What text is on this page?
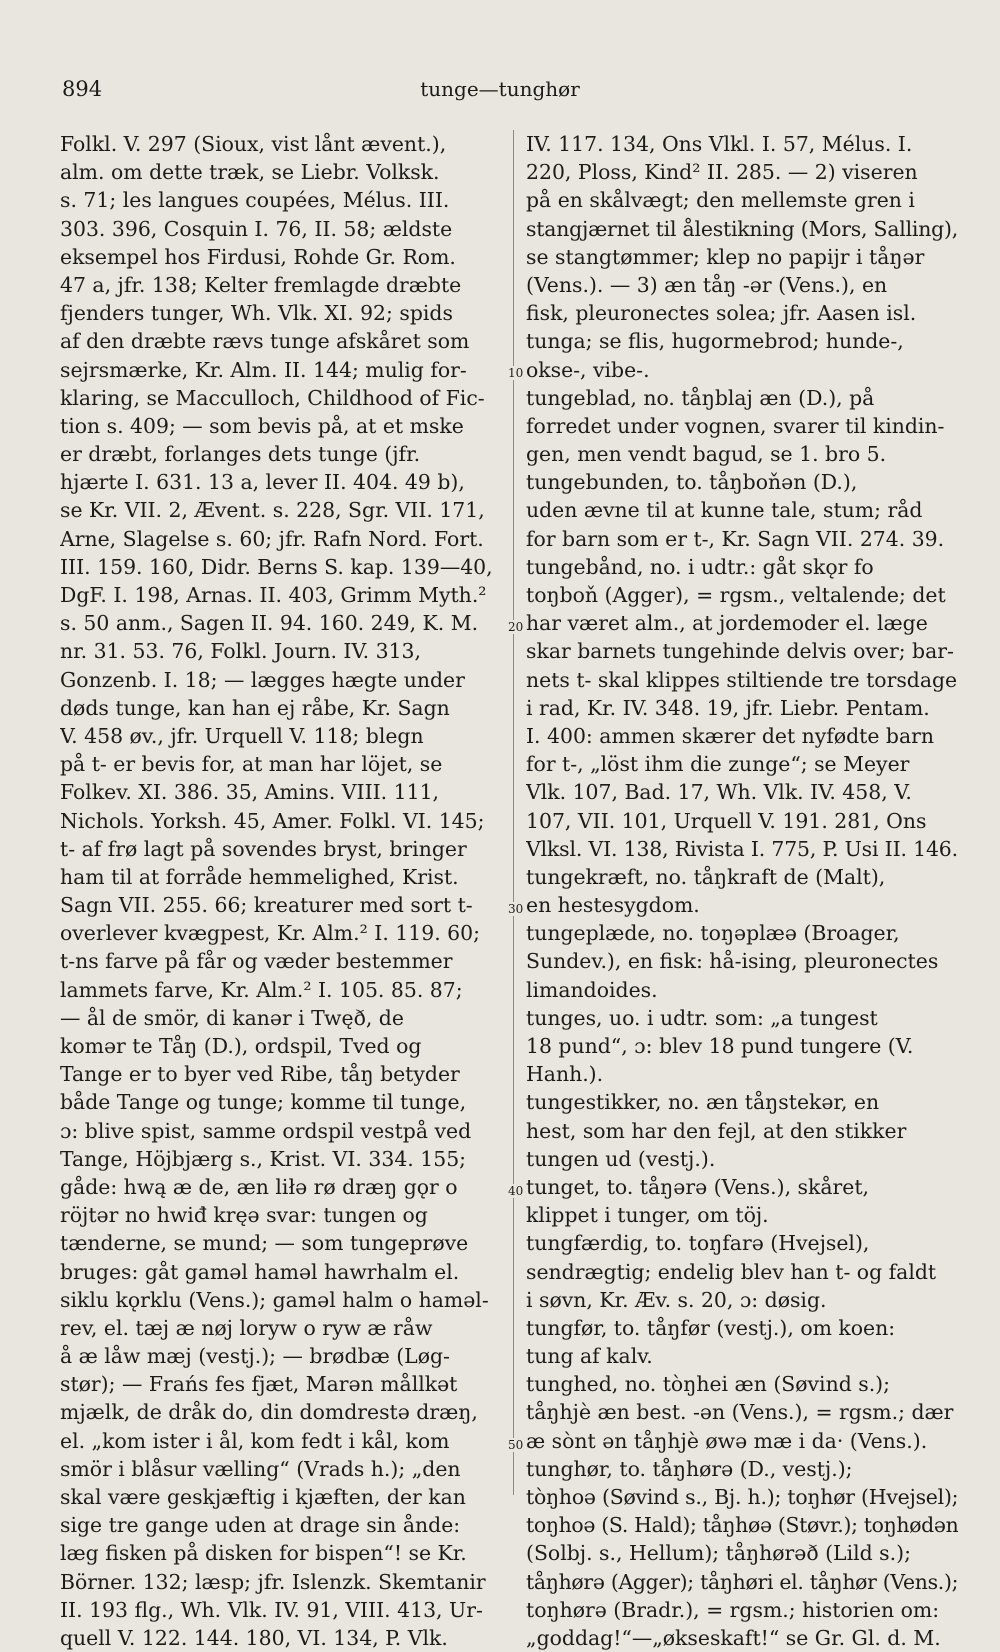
894	tunge—tunghør
10
20
30
40
50
Folkl. V. 297 (Sioux, vist lånt ævent.),
alm. om dette træk, se Liebr. Volksk.
s. 71; les langues coupées, Mélus. III.
303. 396, Cosquin I. 76, II. 58; ældste
eksempel hos Firdusi, Rohde Gr. Rom.
47 a, jfr. 138; Kelter fremlagde dræbte
fjenders tunger, Wh. Vlk. XI. 92; spids
af den dræbte rævs tunge afskåret som
sejrsmærke, Kr. Alm. II. 144; mulig for-
klaring, se Macculloch, Childhood of Fic-
tion s. 409; — som bevis på, at et mske
er dræbt, forlanges dets tunge (jfr.
hjærte I. 631. 13 a, lever II. 404. 49 b),
se Kr. VII. 2, Ævent. s. 228, Sgr. VII. 171,
Arne, Slagelse s. 60; jfr. Rafn Nord. Fort.
III. 159. 160, Didr. Berns S. kap. 139—40,
DgF. I. 198, Arnas. II. 403, Grimm Myth.²
s. 50 anm., Sagen II. 94. 160. 249, K. M.
nr. 31. 53. 76, Folkl. Journ. IV. 313,
Gonzenb. I. 18; — lægges hægte under
døds tunge, kan han ej råbe, Kr. Sagn
V. 458 øv., jfr. Urquell V. 118; blegn
på t- er bevis for, at man har löjet, se
Folkev. XI. 386. 35, Amins. VIII. 111,
Nichols. Yorksh. 45, Amer. Folkl. VI. 145;
t- af frø lagt på sovendes bryst, bringer
ham til at forråde hemmelighed, Krist.
Sagn VII. 255. 66; kreaturer med sort t-
overlever kvægpest, Kr. Alm.² I. 119. 60;
t-ns farve på får og væder bestemmer
lammets farve, Kr. Alm.² I. 105. 85. 87;
— ål de smör, di kanər i Twęð, de
komər te Tåŋ (D.), ordspil, Tved og
Tange er to byer ved Ribe, tåŋ betyder
både Tange og tunge; komme til tunge,
ɔ: blive spist, samme ordspil vestpå ved
Tange, Höjbjærg s., Krist. VI. 334. 155;
gåde: hwą æ de, æn liłə rø dræŋ gǫr o
röjtər no hwiđ kręǝ svar: tungen og
tænderne, se mund; — som tungeprøve
bruges: gåt gaməl haməl hawrhalm el.
siklu kǫrklu (Vens.); gaməl halm o haməl-
rev, el. tæj æ nøj loryw o ryw æ råw
å æ låw mæj (vestj.); — brødbæ (Løg-
stør); — Frańs fes fjæt, Marən mållkət
mjælk, de dråk do, din domdrestə dræŋ,
el. „kom ister i ål, kom fedt i kål, kom
smör i blåsur vælling“ (Vrads h.); „den
skal være geskjæftig i kjæften, der kan
sige tre gange uden at drage sin ånde:
læg fisken på disken for bispen“! se Kr.
Börner. 132; læsp; jfr. Islenzk. Skemtanir
II. 193 flg., Wh. Vlk. IV. 91, VIII. 413, Ur-
quell V. 122. 144. 180, VI. 134, P. Vlk.
IV. 117. 134, Ons Vlkl. I. 57, Mélus. I.
220, Ploss, Kind² II. 285. — 2) viseren
på en skålvægt; den mellemste gren i
stangjærnet til ålestikning (Mors, Salling),
se stangtømmer; klep no papijr i tåŋər
(Vens.). — 3) æn tåŋ -ər (Vens.), en
fisk, pleuronectes solea; jfr. Aasen isl.
tunga; se flis, hugormebrod; hunde-,
okse-, vibe-.
tungeblad, no. tåŋblaj æn (D.), på
forredet under vognen, svarer til kindin-
gen, men vendt bagud, se 1. bro 5.
tungebunden, to. tåŋboňən (D.),
uden ævne til at kunne tale, stum; råd
for barn som er t-, Kr. Sagn VII. 274. 39.
tungebånd, no. i udtr.: gåt skǫr fo
toŋboň (Agger), = rgsm., veltalende; det
har været alm., at jordemoder el. læge
skar barnets tungehinde delvis over; bar-
nets t- skal klippes stiltiende tre torsdage
i rad, Kr. IV. 348. 19, jfr. Liebr. Pentam.
I. 400: ammen skærer det nyfødte barn
for t-, „löst ihm die zunge“; se Meyer
Vlk. 107, Bad. 17, Wh. Vlk. IV. 458, V.
107, VII. 101, Urquell V. 191. 281, Ons
Vlksl. VI. 138, Rivista I. 775, P. Usi II. 146.
tungekræft, no. tåŋkraft de (Malt),
en hestesygdom.
tungeplæde, no. toŋəplæə (Broager,
Sundev.), en fisk: hå-ising, pleuronectes
limandoides.
tunges, uo. i udtr. som: „a tungest
18 pund“, ɔ: blev 18 pund tungere (V.
Hanh.).
tungestikker, no. æn tåŋstekər, en
hest, som har den fejl, at den stikker
tungen ud (vestj.).
tunget, to. tåŋərə (Vens.), skåret,
klippet i tunger, om töj.
tungfærdig, to. toŋfarə (Hvejsel),
sendrægtig; endelig blev han t- og faldt
i søvn, Kr. Æv. s. 20, ɔ: døsig.
tungfør, to. tåŋfør (vestj.), om koen:
tung af kalv.
tunghed, no. tòŋhei æn (Søvind s.);
tåŋhjè æn best. -ən (Vens.), = rgsm.; dær
æ sònt ən tåŋhjè øwə mæ i da· (Vens.).
tunghør, to. tåŋhørə (D., vestj.);
tòŋhoə (Søvind s., Bj. h.); toŋhør (Hvejsel);
toŋhoə (S. Hald); tåŋhøə (Støvr.); toŋhødən
(Solbj. s., Hellum); tåŋhørəð (Lild s.);
tåŋhørə (Agger); tåŋhøri el. tåŋhør (Vens.);
toŋhørə (Bradr.), = rgsm.; historien om:
„goddag!“—„økseskaft!“ se Gr. Gl. d. M.
